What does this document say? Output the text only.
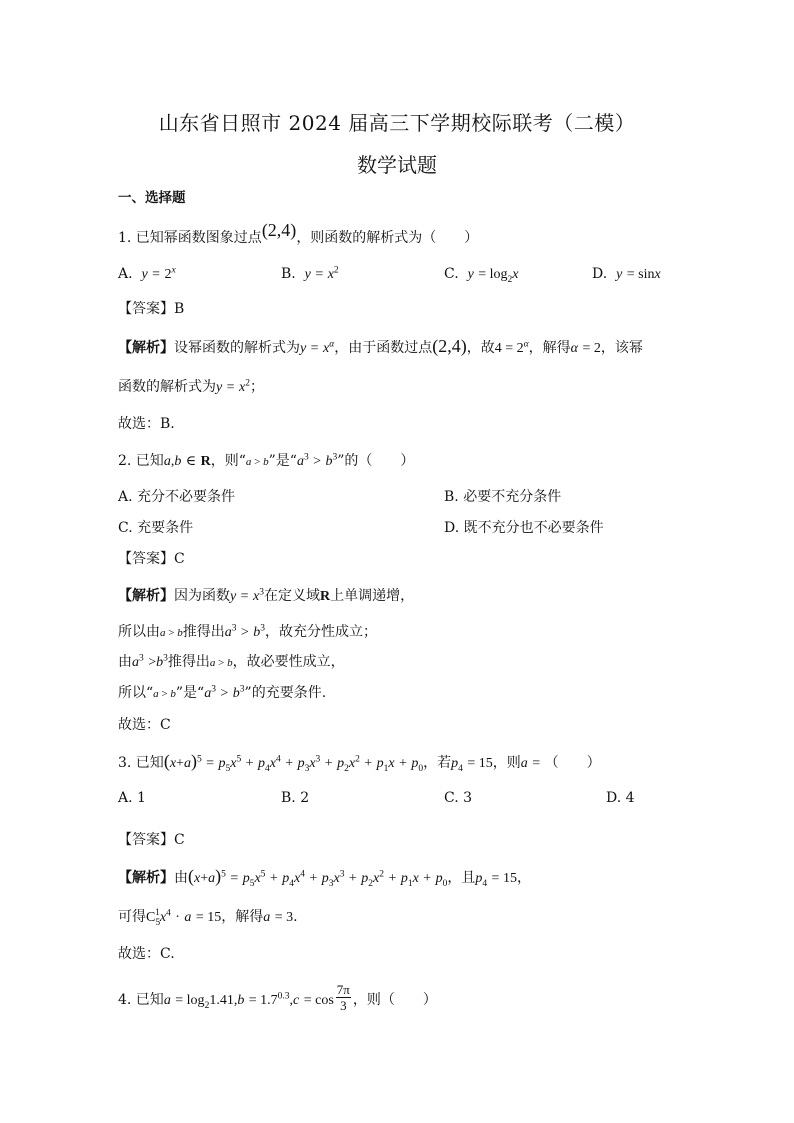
山东省日照市 2024 届高三下学期校际联考（二模）
数学试题
一、选择题
1. 已知幂函数图象过点(2,4)，则函数的解析式为（　　）
A. $y = 2^x$	B. $y = x^2$	C. $y = \log_2x$	D. y = sinx
【答案】B
【解析】设幂函数的解析式为$y = x^\alpha$，由于函数过点(2,4)，故$4 = 2^\alpha$，解得α = 2，该幂
函数的解析式为$y = x^2$；
故选：B.
2. 已知a,b ∈ R，则“a > b”是“$a^3 > b^3$”的（　　）
A. 充分不必要条件	B. 必要不充分条件
C. 充要条件	D. 既不充分也不必要条件
【答案】C
【解析】因为函数$y = x^3$在定义域R上单调递增，
所以由a > b推得出$a^3 > b^3$，故充分性成立；
由$a^3 >b^3$推得出a > b，故必要性成立，
所以“a > b”是“$a^3 > b^3$”的充要条件.
故选：C
3. 已知$(x+a)^5 = p_5x^5 + p_4x^4 + p_3x^3 + p_2x^2 + p_1x + p_0$，若$p_4 = 15$，则a = （　　）
A. 1	B. 2	C. 3	D. 4
【答案】C
【解析】由$(x+a)^5 = p_5x^5 + p_4x^4 + p_3x^3 + p_2x^2 + p_1x + p_0$，且$p_4 = 15$，
可得$C_5^1x^4 \cdot a = 15$，解得a = 3.
故选：C.
4. 已知$a = \log_21.41,b = 1.7^{0.3},c = \cos \frac{7\pi}{3}$ ，则（　　）
